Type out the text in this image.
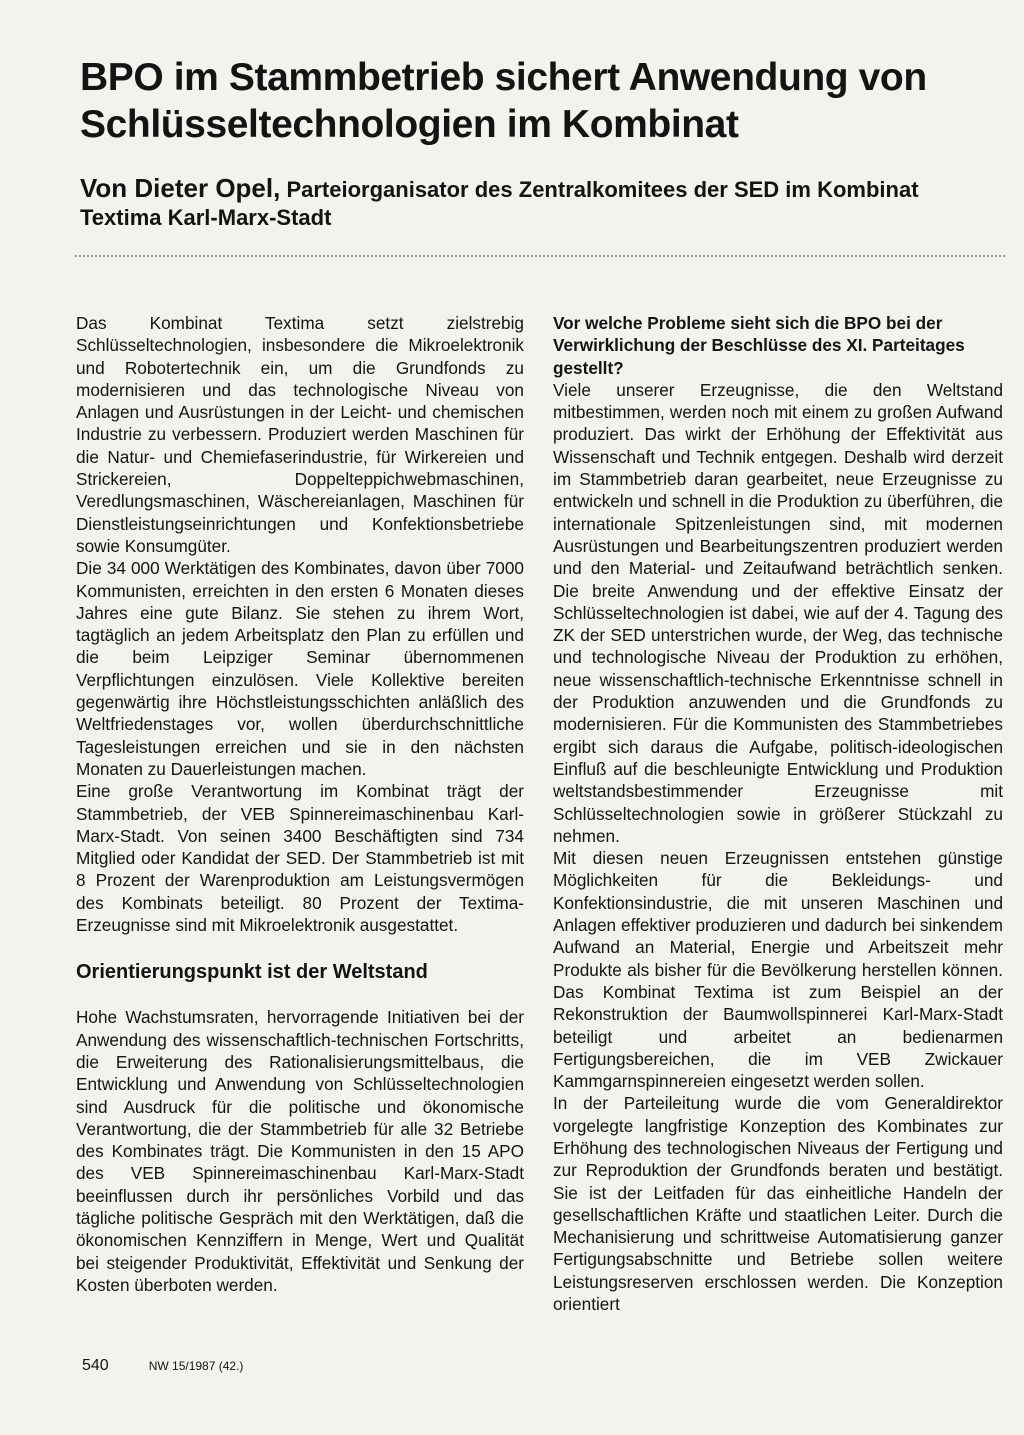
BPO im Stammbetrieb sichert Anwendung von Schlüsseltechnologien im Kombinat

Von Dieter Opel, Parteiorganisator des Zentralkomitees der SED im Kombinat Textima Karl-Marx-Stadt

Das Kombinat Textima setzt zielstrebig Schlüsseltechnologien, insbesondere die Mikroelektronik und Robotertechnik ein, um die Grundfonds zu modernisieren und das technologische Niveau von Anlagen und Ausrüstungen in der Leicht- und chemischen Industrie zu verbessern. Produziert werden Maschinen für die Natur- und Chemiefaserindustrie, für Wirkereien und Strickereien, Doppelteppichwebmaschinen, Veredlungsmaschinen, Wäschereianlagen, Maschinen für Dienstleistungseinrichtungen und Konfektionsbetriebe sowie Konsumgüter.

Die 34 000 Werktätigen des Kombinates, davon über 7000 Kommunisten, erreichten in den ersten 6 Monaten dieses Jahres eine gute Bilanz. Sie stehen zu ihrem Wort, tagtäglich an jedem Arbeitsplatz den Plan zu erfüllen und die beim Leipziger Seminar übernommenen Verpflichtungen einzulösen. Viele Kollektive bereiten gegenwärtig ihre Höchstleistungsschichten anläßlich des Weltfriedenstages vor, wollen überdurchschnittliche Tagesleistungen erreichen und sie in den nächsten Monaten zu Dauerleistungen machen.

Eine große Verantwortung im Kombinat trägt der Stammbetrieb, der VEB Spinnereimaschinenbau Karl-Marx-Stadt. Von seinen 3400 Beschäftigten sind 734 Mitglied oder Kandidat der SED. Der Stammbetrieb ist mit 8 Prozent der Warenproduktion am Leistungsvermögen des Kombinats beteiligt. 80 Prozent der Textima-Erzeugnisse sind mit Mikroelektronik ausgestattet.

Orientierungspunkt ist der Weltstand

Hohe Wachstumsraten, hervorragende Initiativen bei der Anwendung des wissenschaftlich-technischen Fortschritts, die Erweiterung des Rationalisierungsmittelbaus, die Entwicklung und Anwendung von Schlüsseltechnologien sind Ausdruck für die politische und ökonomische Verantwortung, die der Stammbetrieb für alle 32 Betriebe des Kombinates trägt. Die Kommunisten in den 15 APO des VEB Spinnereimaschinenbau Karl-Marx-Stadt beeinflussen durch ihr persönliches Vorbild und das tägliche politische Gespräch mit den Werktätigen, daß die ökonomischen Kennziffern in Menge, Wert und Qualität bei steigender Produktivität, Effektivität und Senkung der Kosten überboten werden.

Vor welche Probleme sieht sich die BPO bei der Verwirklichung der Beschlüsse des XI. Parteitages gestellt?

Viele unserer Erzeugnisse, die den Weltstand mitbestimmen, werden noch mit einem zu großen Aufwand produziert. Das wirkt der Erhöhung der Effektivität aus Wissenschaft und Technik entgegen. Deshalb wird derzeit im Stammbetrieb daran gearbeitet, neue Erzeugnisse zu entwickeln und schnell in die Produktion zu überführen, die internationale Spitzenleistungen sind, mit modernen Ausrüstungen und Bearbeitungszentren produziert werden und den Material- und Zeitaufwand beträchtlich senken. Die breite Anwendung und der effektive Einsatz der Schlüsseltechnologien ist dabei, wie auf der 4. Tagung des ZK der SED unterstrichen wurde, der Weg, das technische und technologische Niveau der Produktion zu erhöhen, neue wissenschaftlich-technische Erkenntnisse schnell in der Produktion anzuwenden und die Grundfonds zu modernisieren. Für die Kommunisten des Stammbetriebes ergibt sich daraus die Aufgabe, politisch-ideologischen Einfluß auf die beschleunigte Entwicklung und Produktion weltstandsbestimmender Erzeugnisse mit Schlüsseltechnologien sowie in größerer Stückzahl zu nehmen.

Mit diesen neuen Erzeugnissen entstehen günstige Möglichkeiten für die Bekleidungs- und Konfektionsindustrie, die mit unseren Maschinen und Anlagen effektiver produzieren und dadurch bei sinkendem Aufwand an Material, Energie und Arbeitszeit mehr Produkte als bisher für die Bevölkerung herstellen können. Das Kombinat Textima ist zum Beispiel an der Rekonstruktion der Baumwollspinnerei Karl-Marx-Stadt beteiligt und arbeitet an bedienarmen Fertigungsbereichen, die im VEB Zwickauer Kammgarnspinnereien eingesetzt werden sollen.

In der Parteileitung wurde die vom Generaldirektor vorgelegte langfristige Konzeption des Kombinates zur Erhöhung des technologischen Niveaus der Fertigung und zur Reproduktion der Grundfonds beraten und bestätigt. Sie ist der Leitfaden für das einheitliche Handeln der gesellschaftlichen Kräfte und staatlichen Leiter. Durch die Mechanisierung und schrittweise Automatisierung ganzer Fertigungsabschnitte und Betriebe sollen weitere Leistungsreserven erschlossen werden. Die Konzeption orientiert

540	NW 15/1987 (42.)
